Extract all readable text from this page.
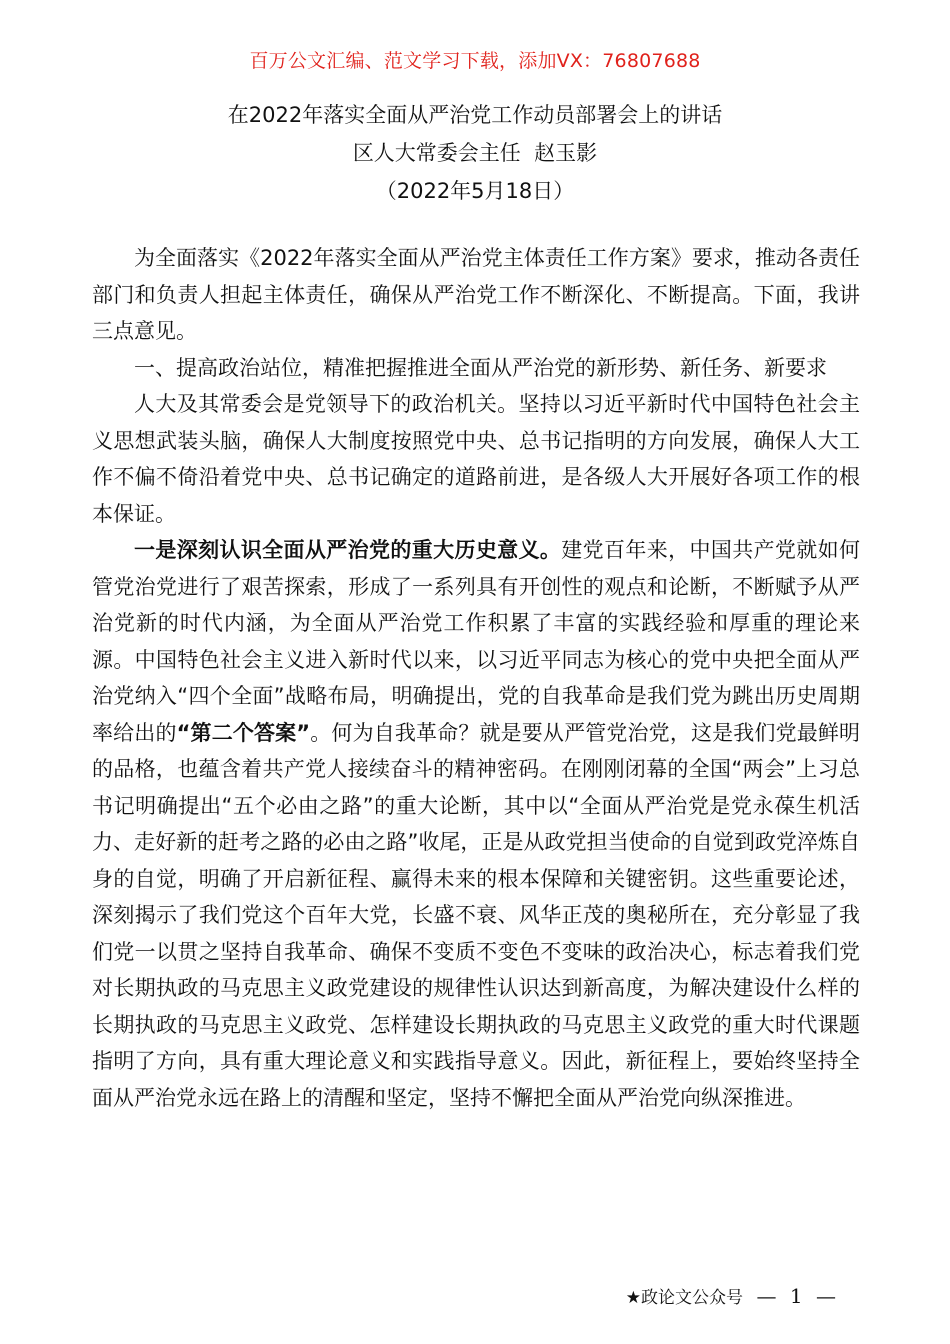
百万公文汇编、范文学习下载，添加VX：76807688
在2022年落实全面从严治党工作动员部署会上的讲话
区人大常委会主任  赵玉影
（2022年5月18日）

为全面落实《2022年落实全面从严治党主体责任工作方案》要求，推动各责任部门和负责人担起主体责任，确保从严治党工作不断深化、不断提高。下面，我讲三点意见。

一、提高政治站位，精准把握推进全面从严治党的新形势、新任务、新要求

人大及其常委会是党领导下的政治机关。坚持以习近平新时代中国特色社会主义思想武装头脑，确保人大制度按照党中央、总书记指明的方向发展，确保人大工作不偏不倚沿着党中央、总书记确定的道路前进，是各级人大开展好各项工作的根本保证。

一是深刻认识全面从严治党的重大历史意义。建党百年来，中国共产党就如何管党治党进行了艰苦探索，形成了一系列具有开创性的观点和论断，不断赋予从严治党新的时代内涵，为全面从严治党工作积累了丰富的实践经验和厚重的理论来源。中国特色社会主义进入新时代以来，以习近平同志为核心的党中央把全面从严治党纳入“四个全面”战略布局，明确提出，党的自我革命是我们党为跳出历史周期率给出的“第二个答案”。何为自我革命？就是要从严管党治党，这是我们党最鲜明的品格，也蕴含着共产党人接续奋斗的精神密码。在刚刚闭幕的全国“两会”上习总书记明确提出“五个必由之路”的重大论断，其中以“全面从严治党是党永葆生机活力、走好新的赶考之路的必由之路”收尾，正是从政党担当使命的自觉到政党淬炼自身的自觉，明确了开启新征程、赢得未来的根本保障和关键密钥。这些重要论述，深刻揭示了我们党这个百年大党，长盛不衰、风华正茂的奥秘所在，充分彰显了我们党一以贯之坚持自我革命、确保不变质不变色不变味的政治决心，标志着我们党对长期执政的马克思主义政党建设的规律性认识达到新高度，为解决建设什么样的长期执政的马克思主义政党、怎样建设长期执政的马克思主义政党的重大时代课题指明了方向，具有重大理论意义和实践指导意义。因此，新征程上，要始终坚持全面从严治党永远在路上的清醒和坚定，坚持不懈把全面从严治党向纵深推进。

★政论文公众号 — 1 —
